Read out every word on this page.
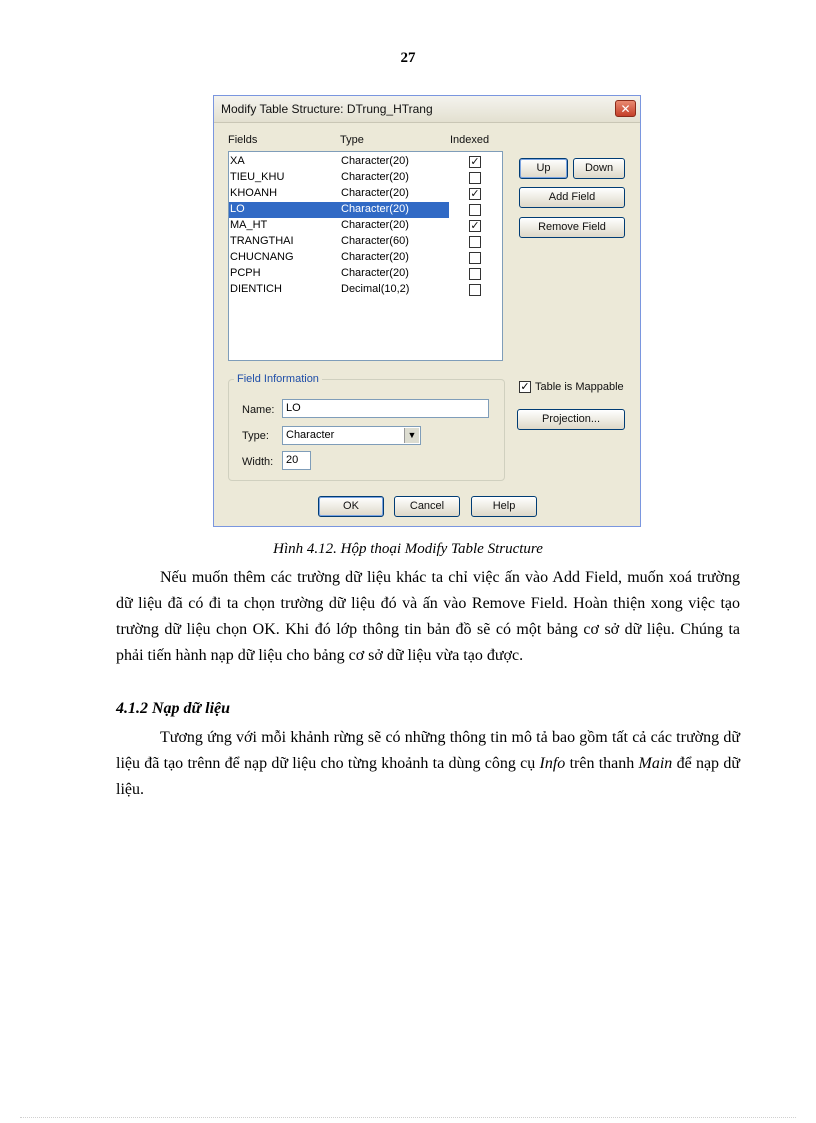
27
Modify Table Structure: DTrung_HTrang	✕
Fields	Type	Indexed
XA	Character(20)	✓
TIEU_KHU	Character(20)
KHOANH	Character(20)	✓
LO	Character(20)
MA_HT	Character(20)	✓
TRANGTHAI	Character(60)
CHUCNANG	Character(20)
PCPH	Character(20)
DIENTICH	Decimal(10,2)
Up	Down
Add Field
Remove Field
Field Information
Name:	LO
Type:	Character	▼
Width:	20
✓ Table is Mappable
Projection...
OK	Cancel	Help
Hình 4.12. Hộp thoại Modify Table Structure
Nếu muốn thêm các trường dữ liệu khác ta chỉ việc ấn vào Add Field, muốn xoá trường dữ liệu đã có đi ta chọn trường dữ liệu đó và ấn vào Remove Field. Hoàn thiện xong việc tạo trường dữ liệu chọn OK. Khi đó lớp thông tin bản đồ sẽ có một bảng cơ sở dữ liệu. Chúng ta phải tiến hành nạp dữ liệu cho bảng cơ sở dữ liệu vừa tạo được.
4.1.2 Nạp dữ liệu
Tương ứng với mỗi khảnh rừng sẽ có những thông tin mô tả bao gồm tất cả các trường dữ liệu đã tạo trênn để nạp dữ liệu cho từng khoảnh ta dùng công cụ Info trên thanh Main để nạp dữ liệu.
